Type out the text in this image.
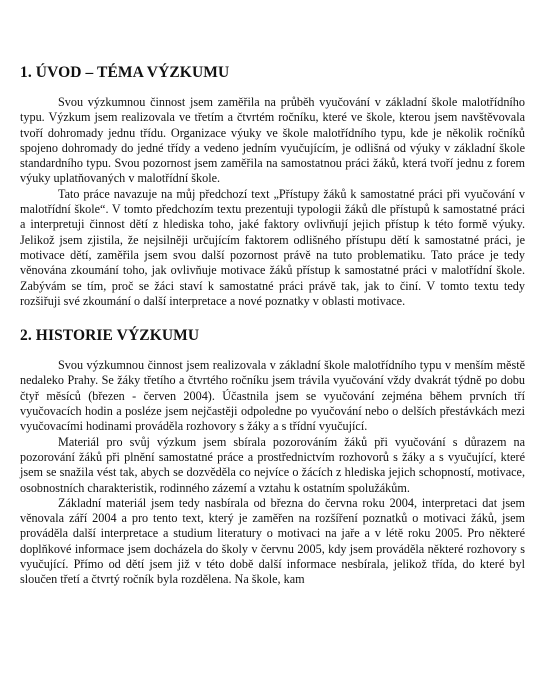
1. ÚVOD – TÉMA VÝZKUMU

Svou výzkumnou činnost jsem zaměřila na průběh vyučování v základní škole malotřídního typu. Výzkum jsem realizovala ve třetím a čtvrtém ročníku, které ve škole, kterou jsem navštěvovala tvoří dohromady jednu třídu. Organizace výuky ve škole malotřídního typu, kde je několik ročníků spojeno dohromady do jedné třídy a vedeno jedním vyučujícím, je odlišná od výuky v základní škole standardního typu. Svou pozornost jsem zaměřila na samostatnou práci žáků, která tvoří jednu z forem výuky uplatňovaných v malotřídní škole.

Tato práce navazuje na můj předchozí text „Přístupy žáků k samostatné práci při vyučování v malotřídní škole“. V tomto předchozím textu prezentuji typologii žáků dle přístupů k samostatné práci a interpretuji činnost dětí z hlediska toho, jaké faktory ovlivňují jejich přístup k této formě výuky. Jelikož jsem zjistila, že nejsilněji určujícím faktorem odlišného přístupu dětí k samostatné práci, je motivace dětí, zaměřila jsem svou další pozornost právě na tuto problematiku. Tato práce je tedy věnována zkoumání toho, jak ovlivňuje motivace žáků přístup k samostatné práci v malotřídní škole. Zabývám se tím, proč se žáci staví k samostatné práci právě tak, jak to činí. V tomto textu tedy rozšiřuji své zkoumání o další interpretace a nové poznatky v oblasti motivace.

2. HISTORIE VÝZKUMU

Svou výzkumnou činnost jsem realizovala v základní škole malotřídního typu v menším městě nedaleko Prahy. Se žáky třetího a čtvrtého ročníku jsem trávila vyučování vždy dvakrát týdně po dobu čtyř měsíců (březen - červen 2004). Účastnila jsem se vyučování zejména během prvních tří vyučovacích hodin a posléze jsem nejčastěji odpoledne po vyučování nebo o delších přestávkách mezi vyučovacími hodinami prováděla rozhovory s žáky a s třídní vyučující.

Materiál pro svůj výzkum jsem sbírala pozorováním žáků při vyučování s důrazem na pozorování žáků při plnění samostatné práce a prostřednictvím rozhovorů s žáky a s vyučující, které jsem se snažila vést tak, abych se dozvěděla co nejvíce o žácích z hlediska jejich schopností, motivace, osobnostních charakteristik, rodinného zázemí a vztahu k ostatním spolužákům.

Základní materiál jsem tedy nasbírala od března do června roku 2004, interpretaci dat jsem věnovala září 2004 a pro tento text, který je zaměřen na rozšíření poznatků o motivaci žáků, jsem prováděla další interpretace a studium literatury o motivaci na jaře a v létě roku 2005. Pro některé doplňkové informace jsem docházela do školy v červnu 2005, kdy jsem prováděla některé rozhovory s vyučující. Přímo od dětí jsem již v této době další informace nesbírala, jelikož třída, do které byl sloučen třetí a čtvrtý ročník byla rozdělena. Na škole, kam
